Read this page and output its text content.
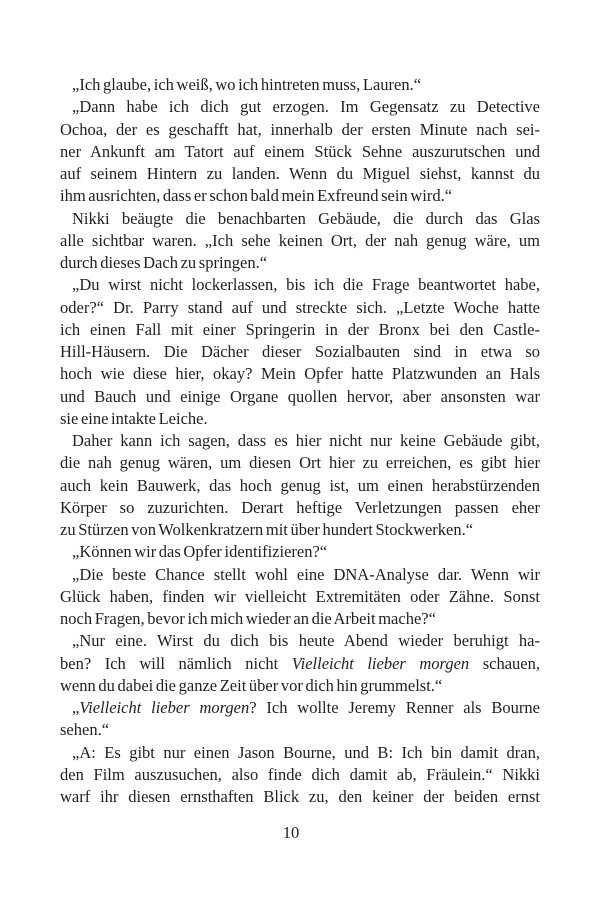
„Ich glaube, ich weiß, wo ich hintreten muss, Lauren.“
„Dann habe ich dich gut erzogen. Im Gegensatz zu Detective
Ochoa, der es geschafft hat, innerhalb der ersten Minute nach sei-
ner Ankunft am Tatort auf einem Stück Sehne auszurutschen und
auf seinem Hintern zu landen. Wenn du Miguel siehst, kannst du
ihm ausrichten, dass er schon bald mein Exfreund sein wird.“
Nikki beäugte die benachbarten Gebäude, die durch das Glas
alle sichtbar waren. „Ich sehe keinen Ort, der nah genug wäre, um
durch dieses Dach zu springen.“
„Du wirst nicht lockerlassen, bis ich die Frage beantwortet habe,
oder?“ Dr. Parry stand auf und streckte sich. „Letzte Woche hatte
ich einen Fall mit einer Springerin in der Bronx bei den Castle-
Hill-Häusern. Die Dächer dieser Sozialbauten sind in etwa so
hoch wie diese hier, okay? Mein Opfer hatte Platzwunden an Hals
und Bauch und einige Organe quollen hervor, aber ansonsten war
sie eine intakte Leiche.
Daher kann ich sagen, dass es hier nicht nur keine Gebäude gibt,
die nah genug wären, um diesen Ort hier zu erreichen, es gibt hier
auch kein Bauwerk, das hoch genug ist, um einen herabstürzenden
Körper so zuzurichten. Derart heftige Verletzungen passen eher
zu Stürzen von Wolkenkratzern mit über hundert Stockwerken.“
„Können wir das Opfer identifizieren?“
„Die beste Chance stellt wohl eine DNA-Analyse dar. Wenn wir
Glück haben, finden wir vielleicht Extremitäten oder Zähne. Sonst
noch Fragen, bevor ich mich wieder an die Arbeit mache?“
„Nur eine. Wirst du dich bis heute Abend wieder beruhigt ha-
ben? Ich will nämlich nicht Vielleicht lieber morgen schauen,
wenn du dabei die ganze Zeit über vor dich hin grummelst.“
„Vielleicht lieber morgen? Ich wollte Jeremy Renner als Bourne
sehen.“
„A: Es gibt nur einen Jason Bourne, und B: Ich bin damit dran,
den Film auszusuchen, also finde dich damit ab, Fräulein.“ Nikki
warf ihr diesen ernsthaften Blick zu, den keiner der beiden ernst
10
